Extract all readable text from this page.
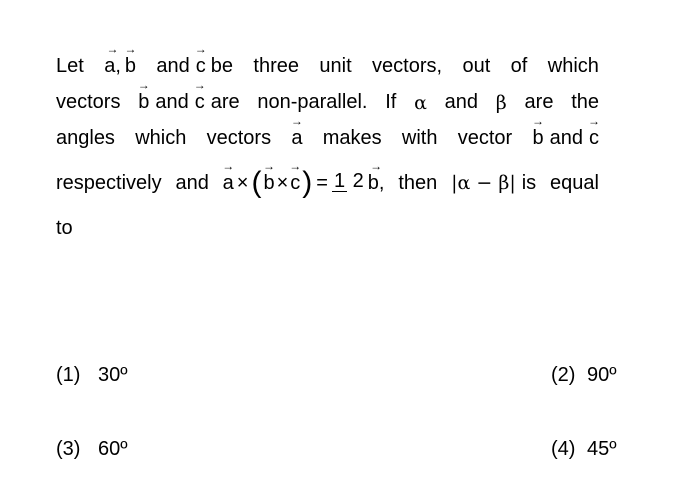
Let → a, → b and → c be three unit vectors, out of which
vectors → b and → c are non-parallel. If α and β are the
angles which vectors → a makes with vector → b and → c
respectively and → a × ( → b × → c ) = 1 2 → b, then |α − β| is equal
to
(1) 30º	(2) 90º
(3) 60º	(4) 45º
